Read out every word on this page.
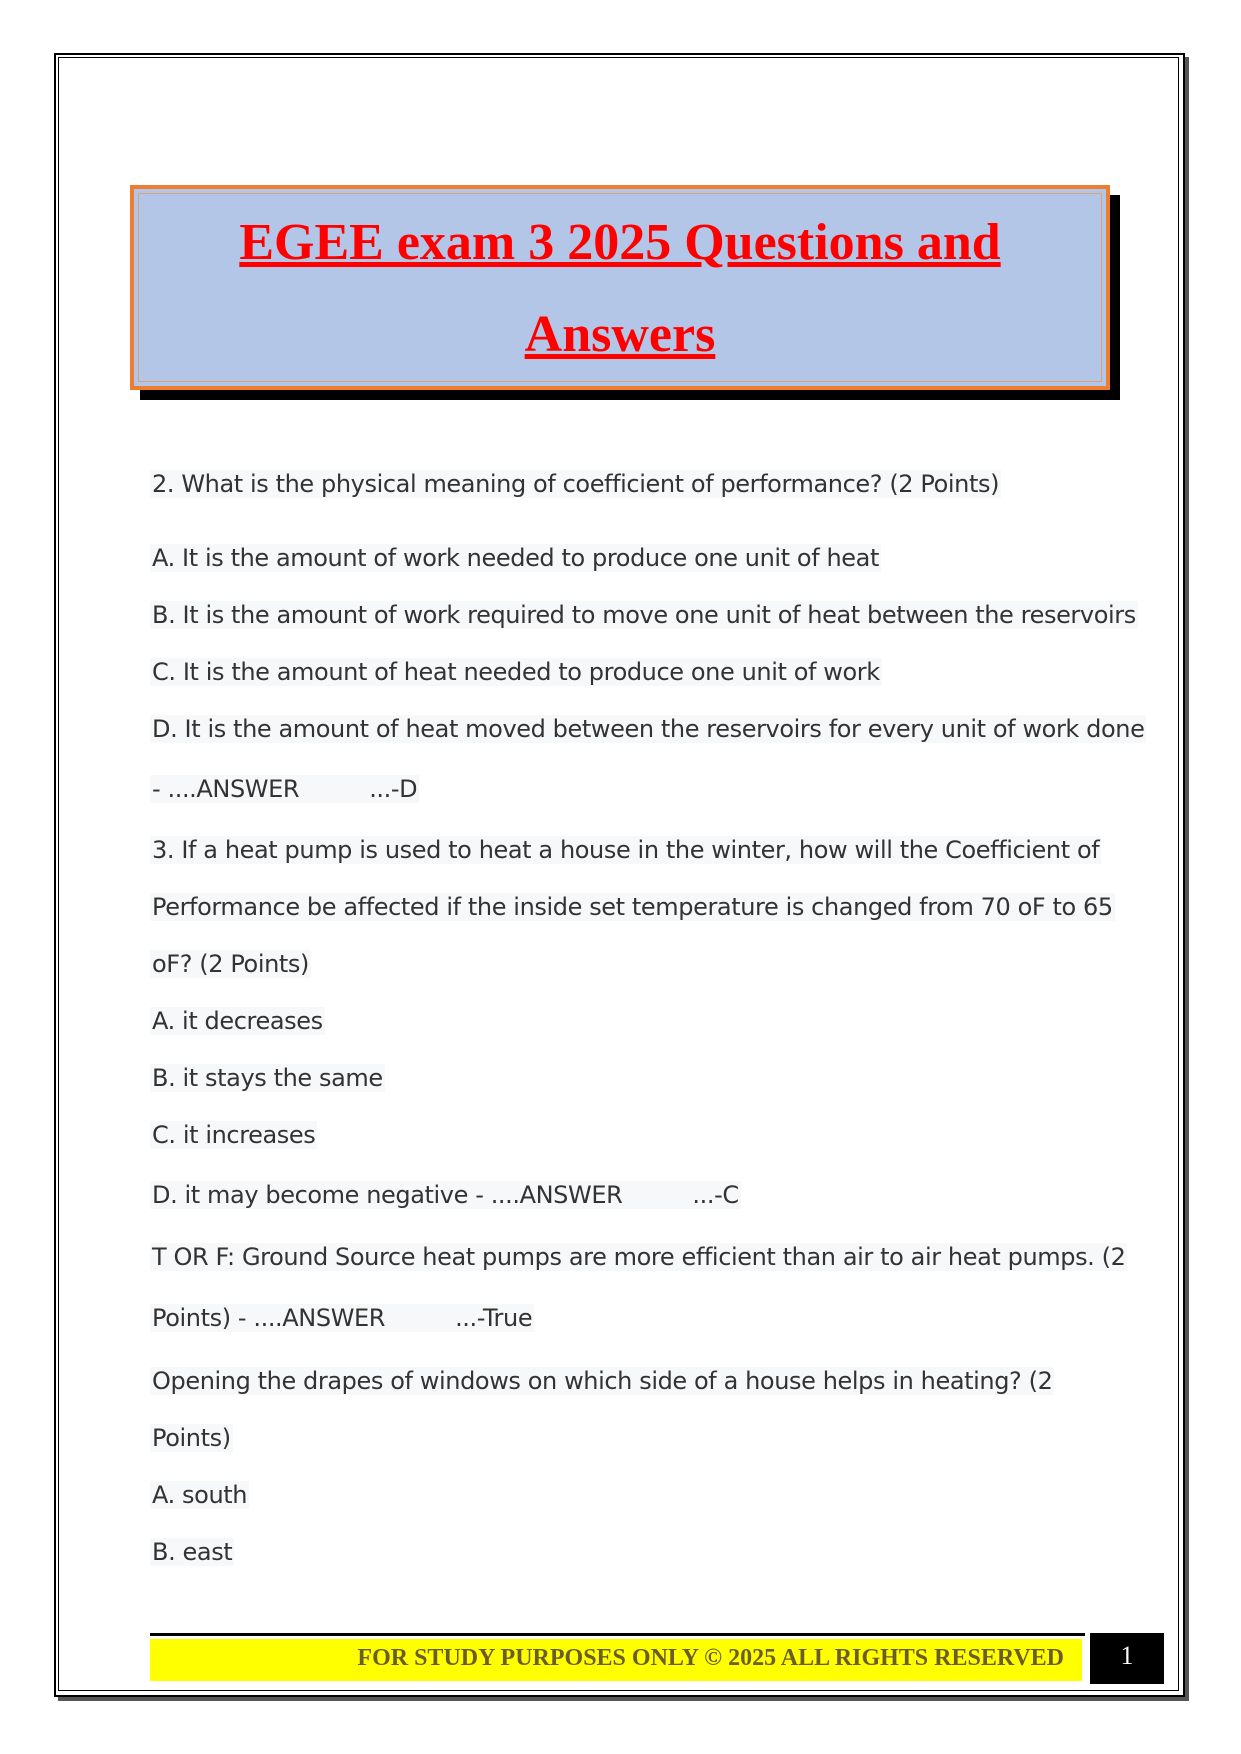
EGEE exam 3 2025 Questions and
Answers
2. What is the physical meaning of coefficient of performance? (2 Points)
A. It is the amount of work needed to produce one unit of heat
B. It is the amount of work required to move one unit of heat between the reservoirs
C. It is the amount of heat needed to produce one unit of work
D. It is the amount of heat moved between the reservoirs for every unit of work done
- ....ANSWER	...-D
3. If a heat pump is used to heat a house in the winter, how will the Coefficient of
Performance be affected if the inside set temperature is changed from 70 oF to 65
oF? (2 Points)
A. it decreases
B. it stays the same
C. it increases
D. it may become negative - ....ANSWER	...-C
T OR F: Ground Source heat pumps are more efficient than air to air heat pumps. (2
Points) - ....ANSWER	...-True
Opening the drapes of windows on which side of a house helps in heating? (2
Points)
A. south
B. east
FOR STUDY PURPOSES ONLY © 2025 ALL RIGHTS RESERVED	1
